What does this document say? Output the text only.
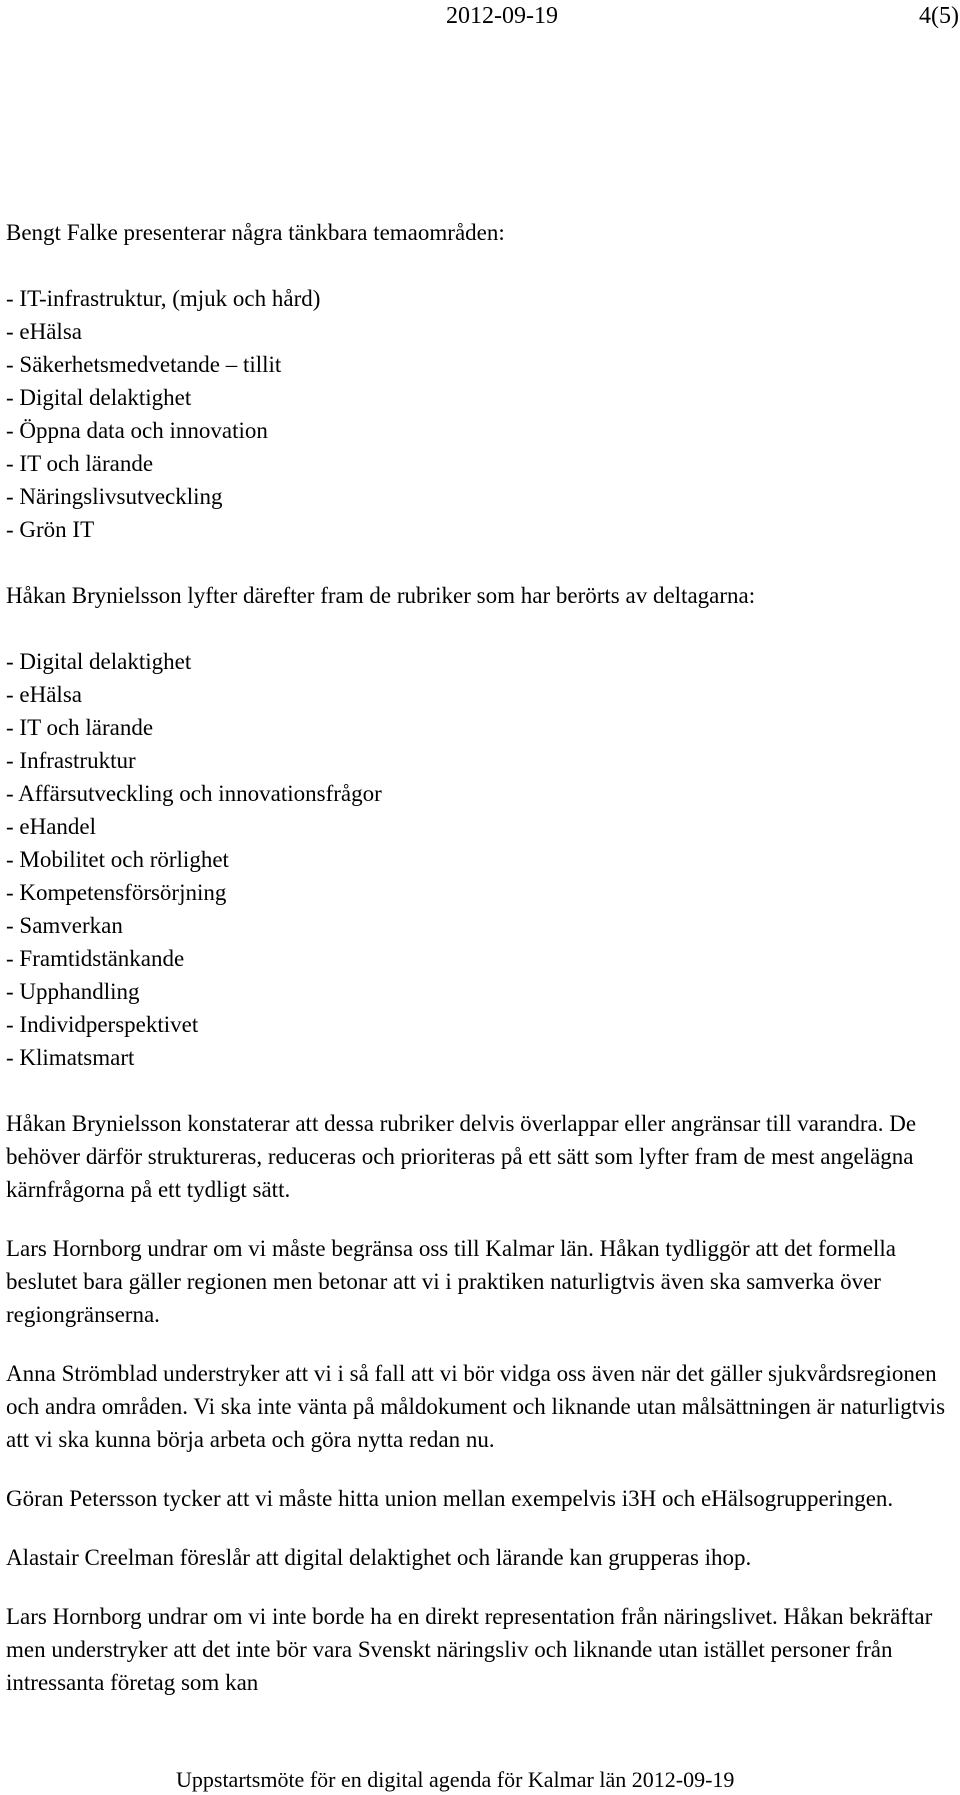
2012-09-19	4(5)

Bengt Falke presenterar några tänkbara temaområden:

- IT-infrastruktur, (mjuk och hård)
- eHälsa
- Säkerhetsmedvetande – tillit
- Digital delaktighet
- Öppna data och innovation
- IT och lärande
- Näringslivsutveckling
- Grön IT

Håkan Brynielsson lyfter därefter fram de rubriker som har berörts av deltagarna:

- Digital delaktighet
- eHälsa
- IT och lärande
- Infrastruktur
- Affärsutveckling och innovationsfrågor
- eHandel
- Mobilitet och rörlighet
- Kompetensförsörjning
- Samverkan
- Framtidstänkande
- Upphandling
- Individperspektivet
- Klimatsmart

Håkan Brynielsson konstaterar att dessa rubriker delvis överlappar eller angränsar till varandra. De behöver därför struktureras, reduceras och prioriteras på ett sätt som lyfter fram de mest angelägna kärnfrågorna på ett tydligt sätt.

Lars Hornborg undrar om vi måste begränsa oss till Kalmar län. Håkan tydliggör att det formella beslutet bara gäller regionen men betonar att vi i praktiken naturligtvis även ska samverka över regiongränserna.

Anna Strömblad understryker att vi i så fall att vi bör vidga oss även när det gäller sjukvårdsregionen och andra områden. Vi ska inte vänta på måldokument och liknande utan målsättningen är naturligtvis att vi ska kunna börja arbeta och göra nytta redan nu.

Göran Petersson tycker att vi måste hitta union mellan exempelvis i3H och eHälsogrupperingen.

Alastair Creelman föreslår att digital delaktighet och lärande kan grupperas ihop.

Lars Hornborg undrar om vi inte borde ha en direkt representation från näringslivet. Håkan bekräftar men understryker att det inte bör vara Svenskt näringsliv och liknande utan istället personer från intressanta företag som kan

Uppstartsmöte för en digital agenda för Kalmar län 2012-09-19
